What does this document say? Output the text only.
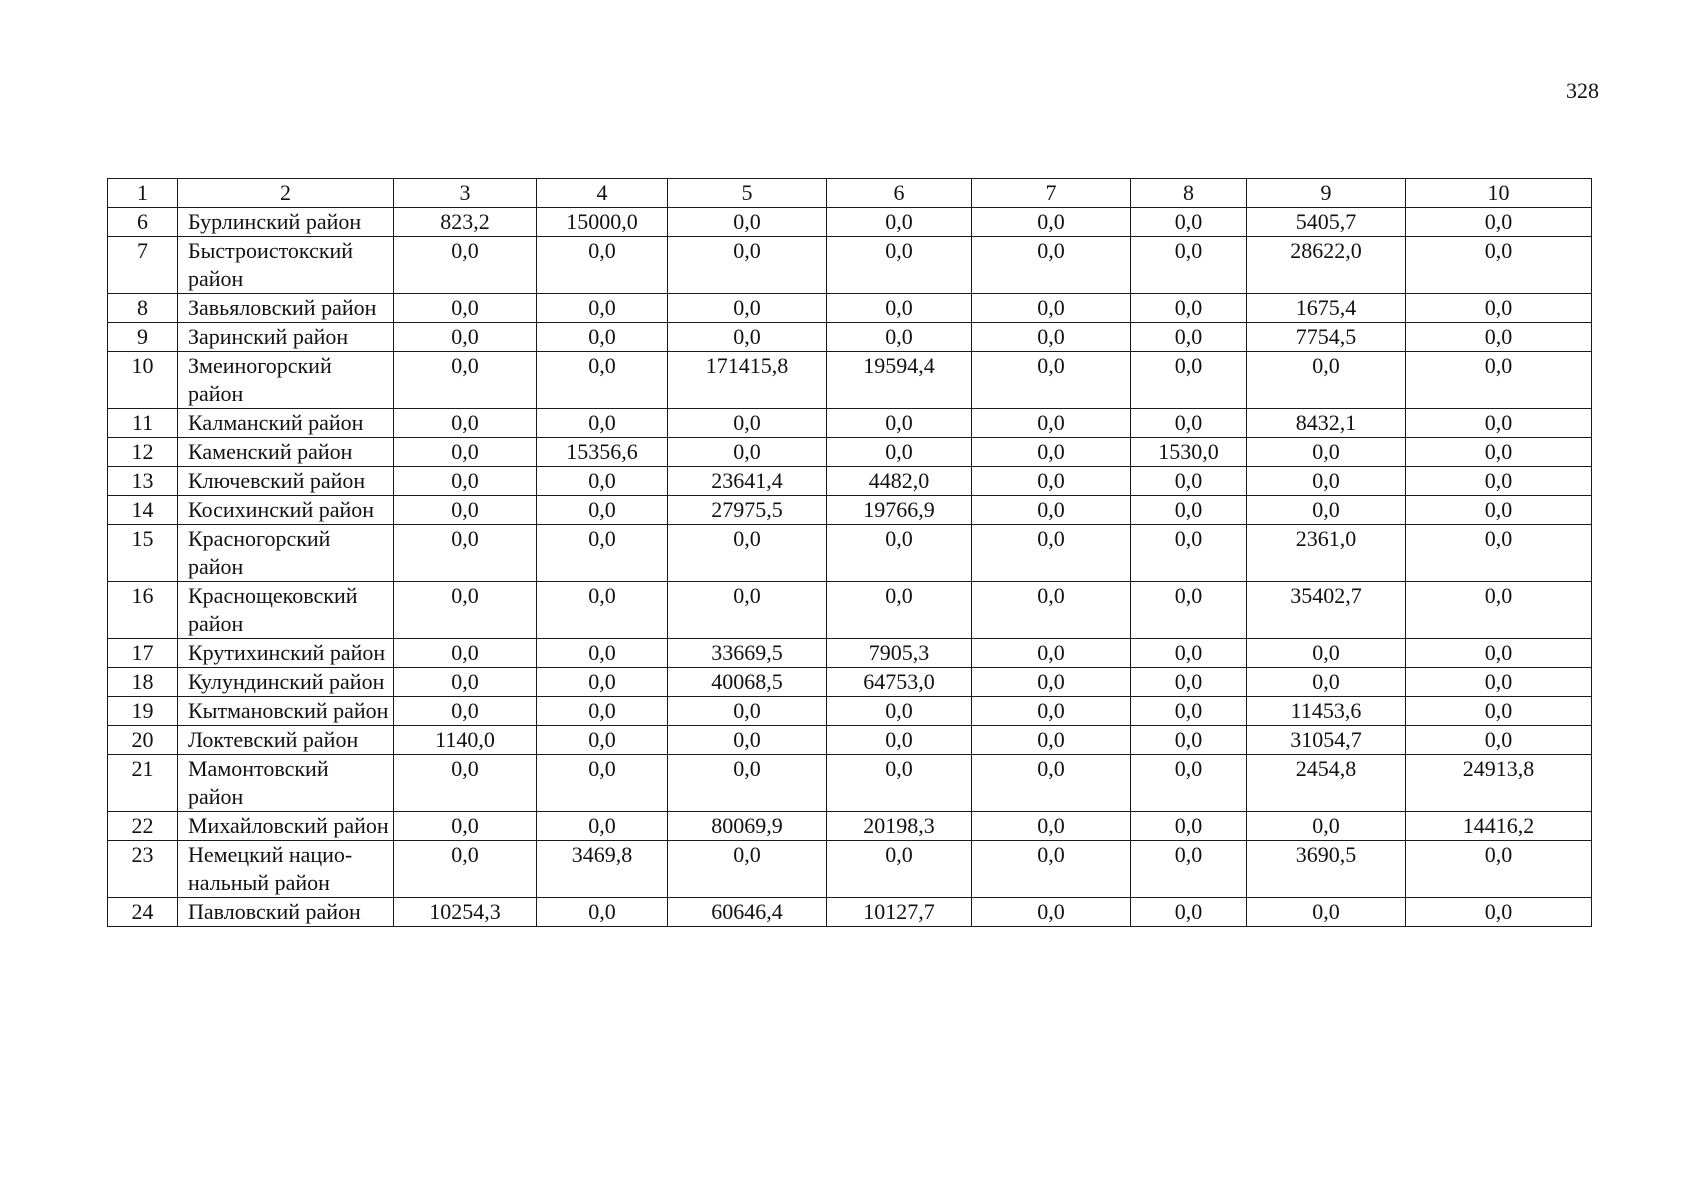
328
1	2	3	4	5	6	7	8	9	10
6	Бурлинский район	823,2	15000,0	0,0	0,0	0,0	0,0	5405,7	0,0
7	Быстроистокский район	0,0	0,0	0,0	0,0	0,0	0,0	28622,0	0,0
8	Завьяловский район	0,0	0,0	0,0	0,0	0,0	0,0	1675,4	0,0
9	Заринский район	0,0	0,0	0,0	0,0	0,0	0,0	7754,5	0,0
10	Змеиногорский район	0,0	0,0	171415,8	19594,4	0,0	0,0	0,0	0,0
11	Калманский район	0,0	0,0	0,0	0,0	0,0	0,0	8432,1	0,0
12	Каменский район	0,0	15356,6	0,0	0,0	0,0	1530,0	0,0	0,0
13	Ключевский район	0,0	0,0	23641,4	4482,0	0,0	0,0	0,0	0,0
14	Косихинский район	0,0	0,0	27975,5	19766,9	0,0	0,0	0,0	0,0
15	Красногорский район	0,0	0,0	0,0	0,0	0,0	0,0	2361,0	0,0
16	Краснощековский район	0,0	0,0	0,0	0,0	0,0	0,0	35402,7	0,0
17	Крутихинский район	0,0	0,0	33669,5	7905,3	0,0	0,0	0,0	0,0
18	Кулундинский район	0,0	0,0	40068,5	64753,0	0,0	0,0	0,0	0,0
19	Кытмановский район	0,0	0,0	0,0	0,0	0,0	0,0	11453,6	0,0
20	Локтевский район	1140,0	0,0	0,0	0,0	0,0	0,0	31054,7	0,0
21	Мамонтовский район	0,0	0,0	0,0	0,0	0,0	0,0	2454,8	24913,8
22	Михайловский район	0,0	0,0	80069,9	20198,3	0,0	0,0	0,0	14416,2
23	Немецкий нацио-нальный район	0,0	3469,8	0,0	0,0	0,0	0,0	3690,5	0,0
24	Павловский район	10254,3	0,0	60646,4	10127,7	0,0	0,0	0,0	0,0
